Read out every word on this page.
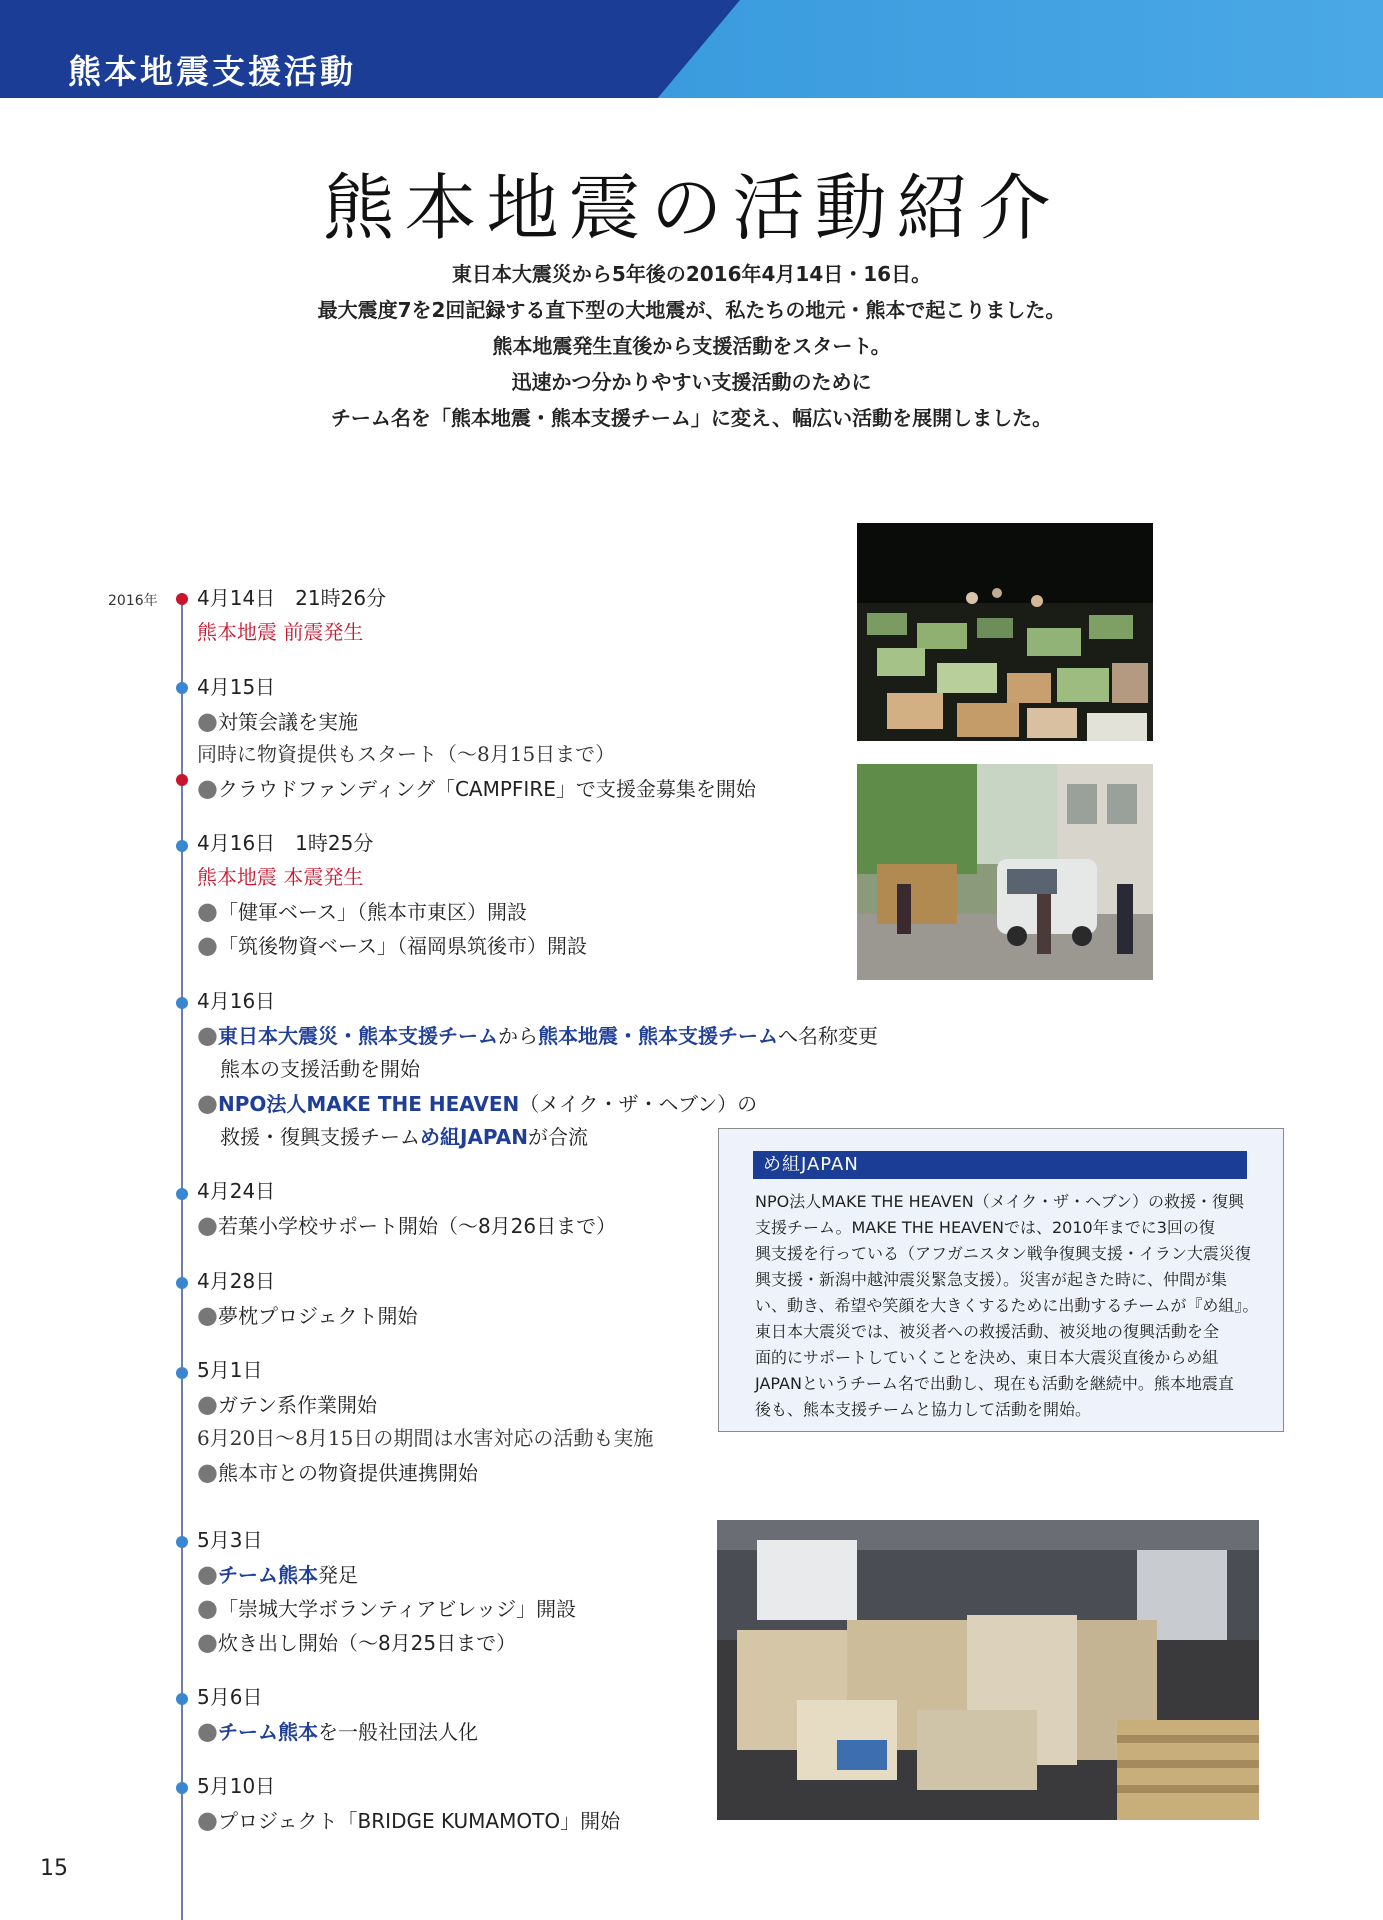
熊本地震支援活動
熊本地震の活動紹介
東日本大震災から5年後の2016年4月14日・16日。
最大震度7を2回記録する直下型の大地震が、私たちの地元・熊本で起こりました。
熊本地震発生直後から支援活動をスタート。
迅速かつ分かりやすい支援活動のために
チーム名を「熊本地震・熊本支援チーム」に変え、幅広い活動を展開しました。
2016年 4月14日　21時26分
熊本地震 前震発生
4月15日
●対策会議を実施
同時に物資提供もスタート（〜8月15日まで）
●クラウドファンディング「CAMPFIRE」で支援金募集を開始
4月16日　1時25分
熊本地震 本震発生
●「健軍ベース」（熊本市東区）開設
●「筑後物資ベース」（福岡県筑後市）開設
4月16日
●東日本大震災・熊本支援チームから熊本地震・熊本支援チームへ名称変更
熊本の支援活動を開始
●NPO法人MAKE THE HEAVEN（メイク・ザ・ヘブン）の
救援・復興支援チームめ組JAPANが合流
4月24日
●若葉小学校サポート開始（〜8月26日まで）
4月28日
●夢枕プロジェクト開始
5月1日
●ガテン系作業開始
6月20日〜8月15日の期間は水害対応の活動も実施
●熊本市との物資提供連携開始
5月3日
●チーム熊本発足
●「崇城大学ボランティアビレッジ」開設
●炊き出し開始（〜8月25日まで）
5月6日
●チーム熊本を一般社団法人化
5月10日
●プロジェクト「BRIDGE KUMAMOTO」開始
め組JAPAN
NPO法人MAKE THE HEAVEN（メイク・ザ・ヘブン）の救援・復興
支援チーム。MAKE THE HEAVENでは、2010年までに3回の復
興支援を行っている（アフガニスタン戦争復興支援・イラン大震災復
興支援・新潟中越沖震災緊急支援）。災害が起きた時に、仲間が集
い、動き、希望や笑顔を大きくするために出動するチームが『め組』。
東日本大震災では、被災者への救援活動、被災地の復興活動を全
面的にサポートしていくことを決め、東日本大震災直後からめ組
JAPANというチーム名で出動し、現在も活動を継続中。熊本地震直
後も、熊本支援チームと協力して活動を開始。
15
